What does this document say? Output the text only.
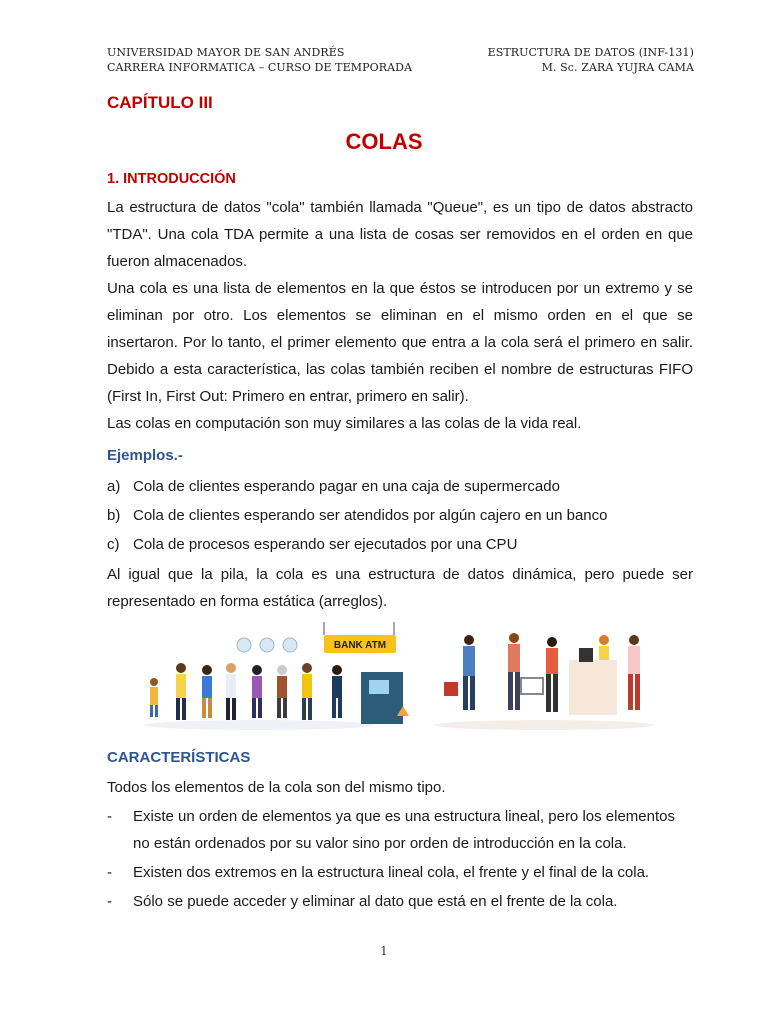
UNIVERSIDAD MAYOR DE SAN ANDRÉS
CARRERA INFORMATICA – CURSO DE TEMPORADA
ESTRUCTURA DE DATOS (INF-131)
M. Sc. ZARA YUJRA CAMA
CAPÍTULO III
COLAS
1. INTRODUCCIÓN

La estructura de datos "cola" también llamada "Queue", es un tipo de datos abstracto "TDA". Una cola TDA permite a una lista de cosas ser removidos en el orden en que fueron almacenados.

Una cola es una lista de elementos en la que éstos se introducen por un extremo y se eliminan por otro. Los elementos se eliminan en el mismo orden en el que se insertaron. Por lo tanto, el primer elemento que entra a la cola será el primero en salir. Debido a esta característica, las colas también reciben el nombre de estructuras FIFO (First In, First Out: Primero en entrar, primero en salir).

Las colas en computación son muy similares a las colas de la vida real.

Ejemplos.-
a) Cola de clientes esperando pagar en una caja de supermercado
b) Cola de clientes esperando ser atendidos por algún cajero en un banco
c) Cola de procesos esperando ser ejecutados por una CPU

Al igual que la pila, la cola es una estructura de datos dinámica, pero puede ser representado en forma estática (arreglos).

BANK ATM
CARACTERÍSTICAS

Todos los elementos de la cola son del mismo tipo.

- Existe un orden de elementos ya que es una estructura lineal, pero los elementos no están ordenados por su valor sino por orden de introducción en la cola.
- Existen dos extremos en la estructura lineal cola, el frente y el final de la cola.
- Sólo se puede acceder y eliminar al dato que está en el frente de la cola.
1
